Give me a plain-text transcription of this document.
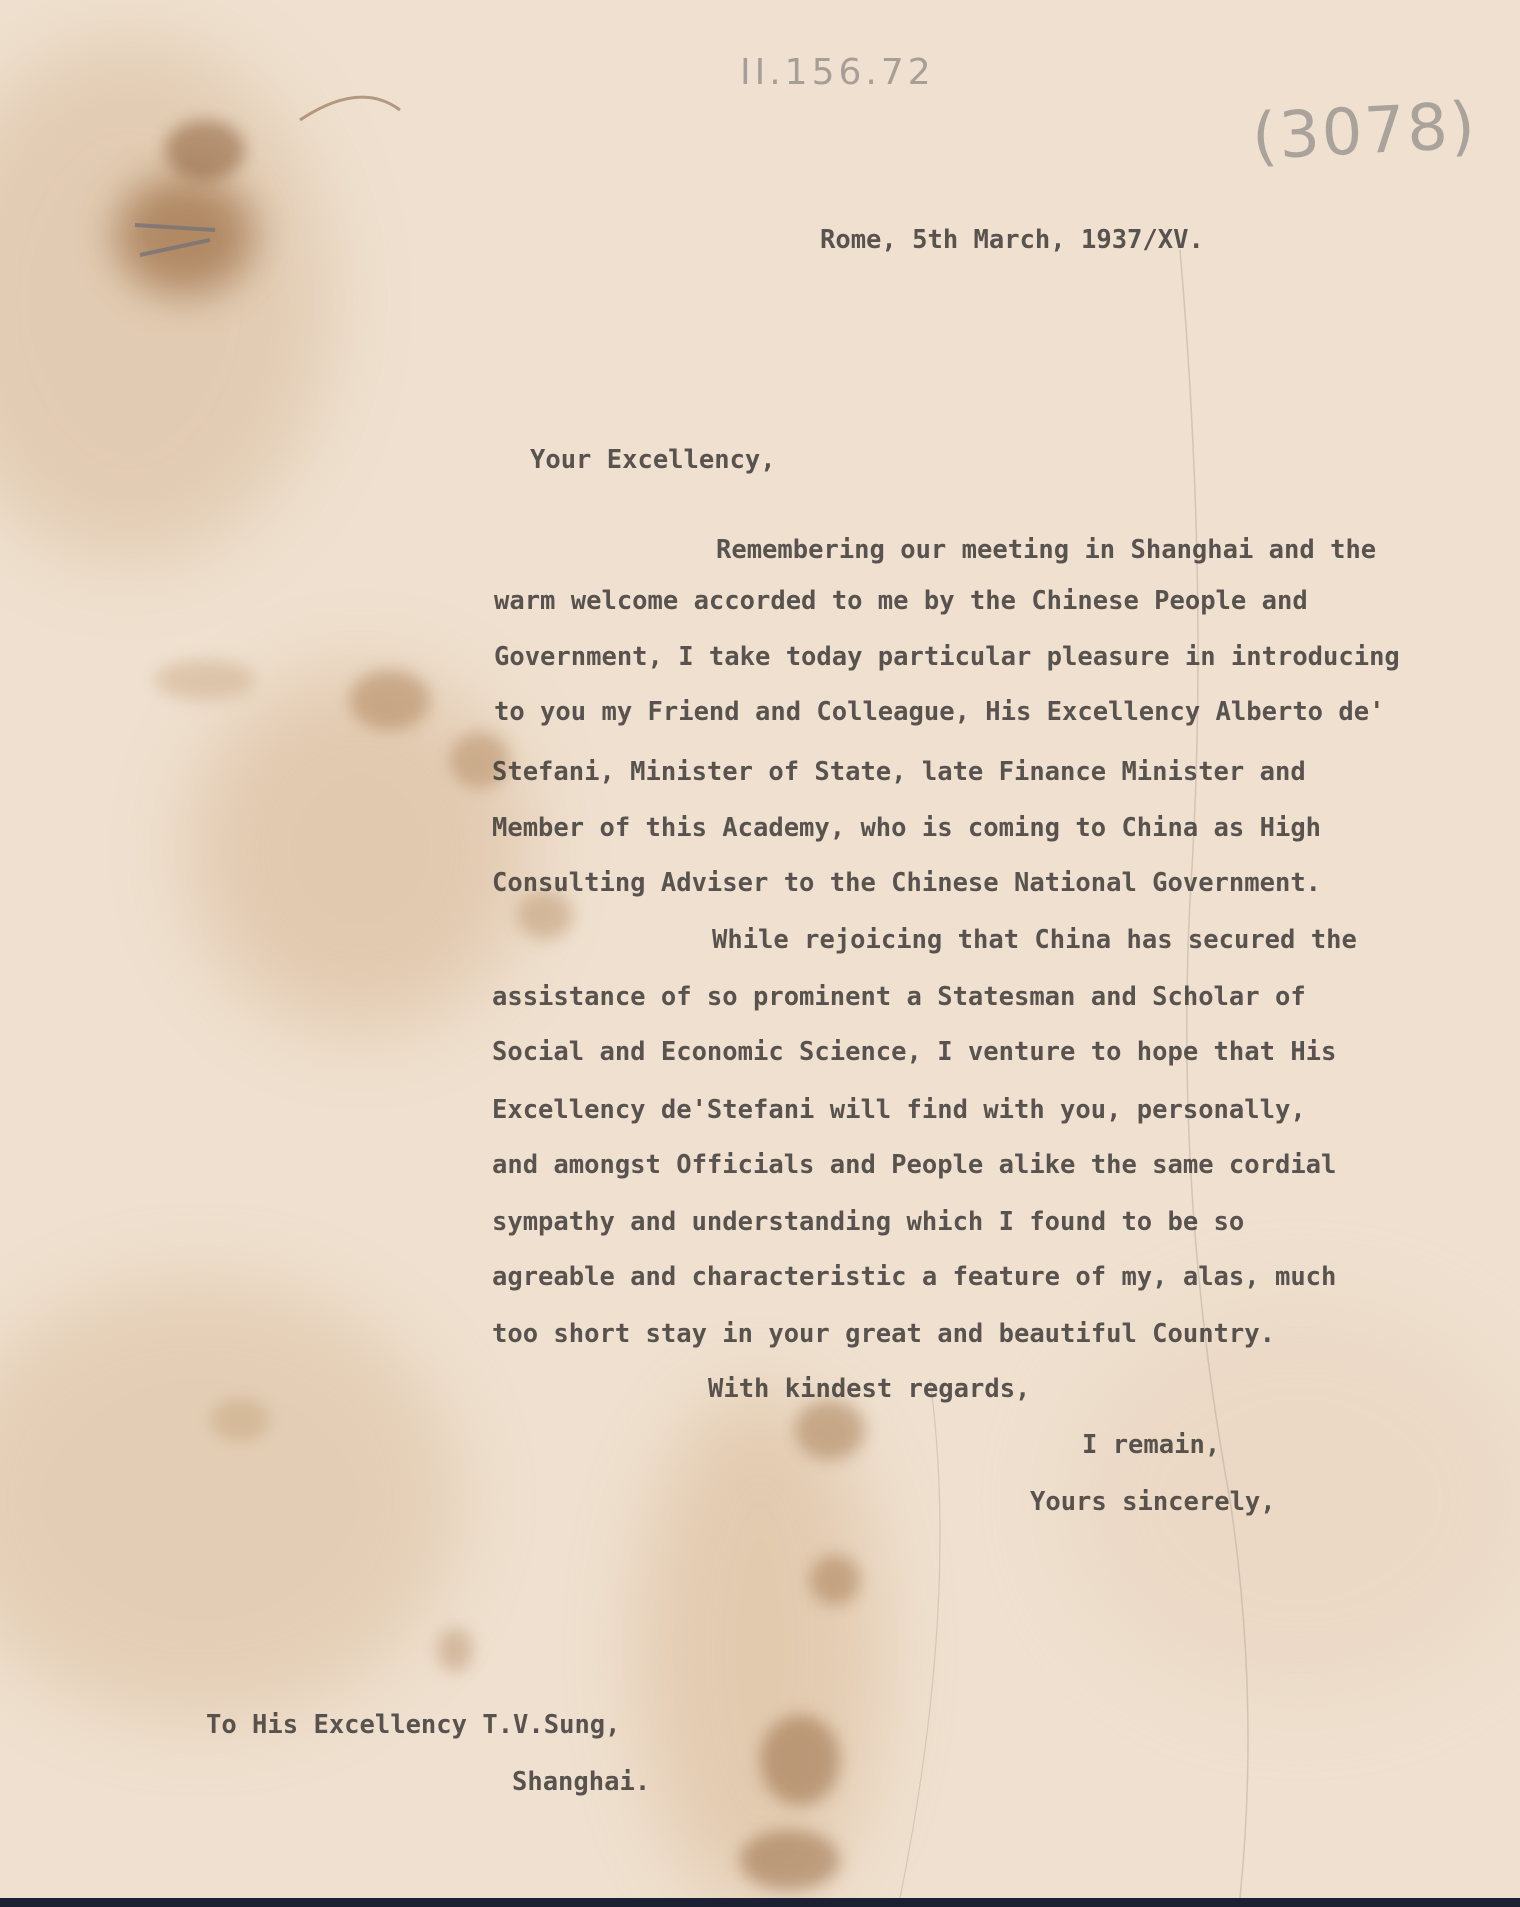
II.156.72
(3078)
Rome, 5th March, 1937/XV.
Your Excellency,
Remembering our meeting in Shanghai and the
warm welcome accorded to me by the Chinese People and
Government, I take today particular pleasure in introducing
to you my Friend and Colleague, His Excellency Alberto de'
Stefani, Minister of State, late Finance Minister and
Member of this Academy, who is coming to China as High
Consulting Adviser to the Chinese National Government.
While rejoicing that China has secured the
assistance of so prominent a Statesman and Scholar of
Social and Economic Science, I venture to hope that His
Excellency de'Stefani will find with you, personally,
and amongst Officials and People alike the same cordial
sympathy and understanding which I found to be so
agreable and characteristic a feature of my, alas, much
too short stay in your great and beautiful Country.
With kindest regards,
I remain,
Yours sincerely,
To His Excellency T.V.Sung,
Shanghai.
